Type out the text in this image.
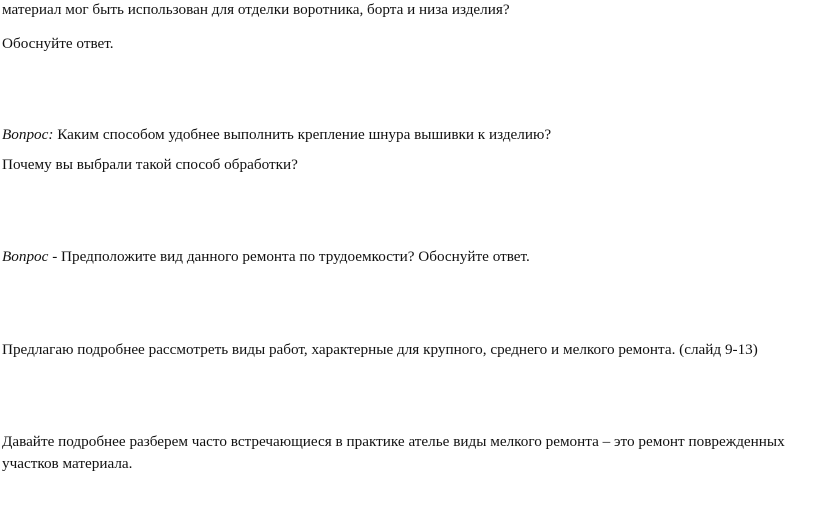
материал мог быть использован для отделки воротника, борта и низа изделия?
Обоснуйте ответ.
Вопрос: Каким способом удобнее выполнить крепление шнура вышивки к изделию?
Почему вы выбрали такой способ обработки?
Вопрос - Предположите вид данного ремонта по трудоемкости? Обоснуйте ответ.
Предлагаю подробнее рассмотреть виды работ, характерные для крупного, среднего и мелкого ремонта. (слайд 9-13)
Давайте подробнее разберем часто встречающиеся в практике ателье виды мелкого ремонта – это ремонт поврежденных
участков материала.
